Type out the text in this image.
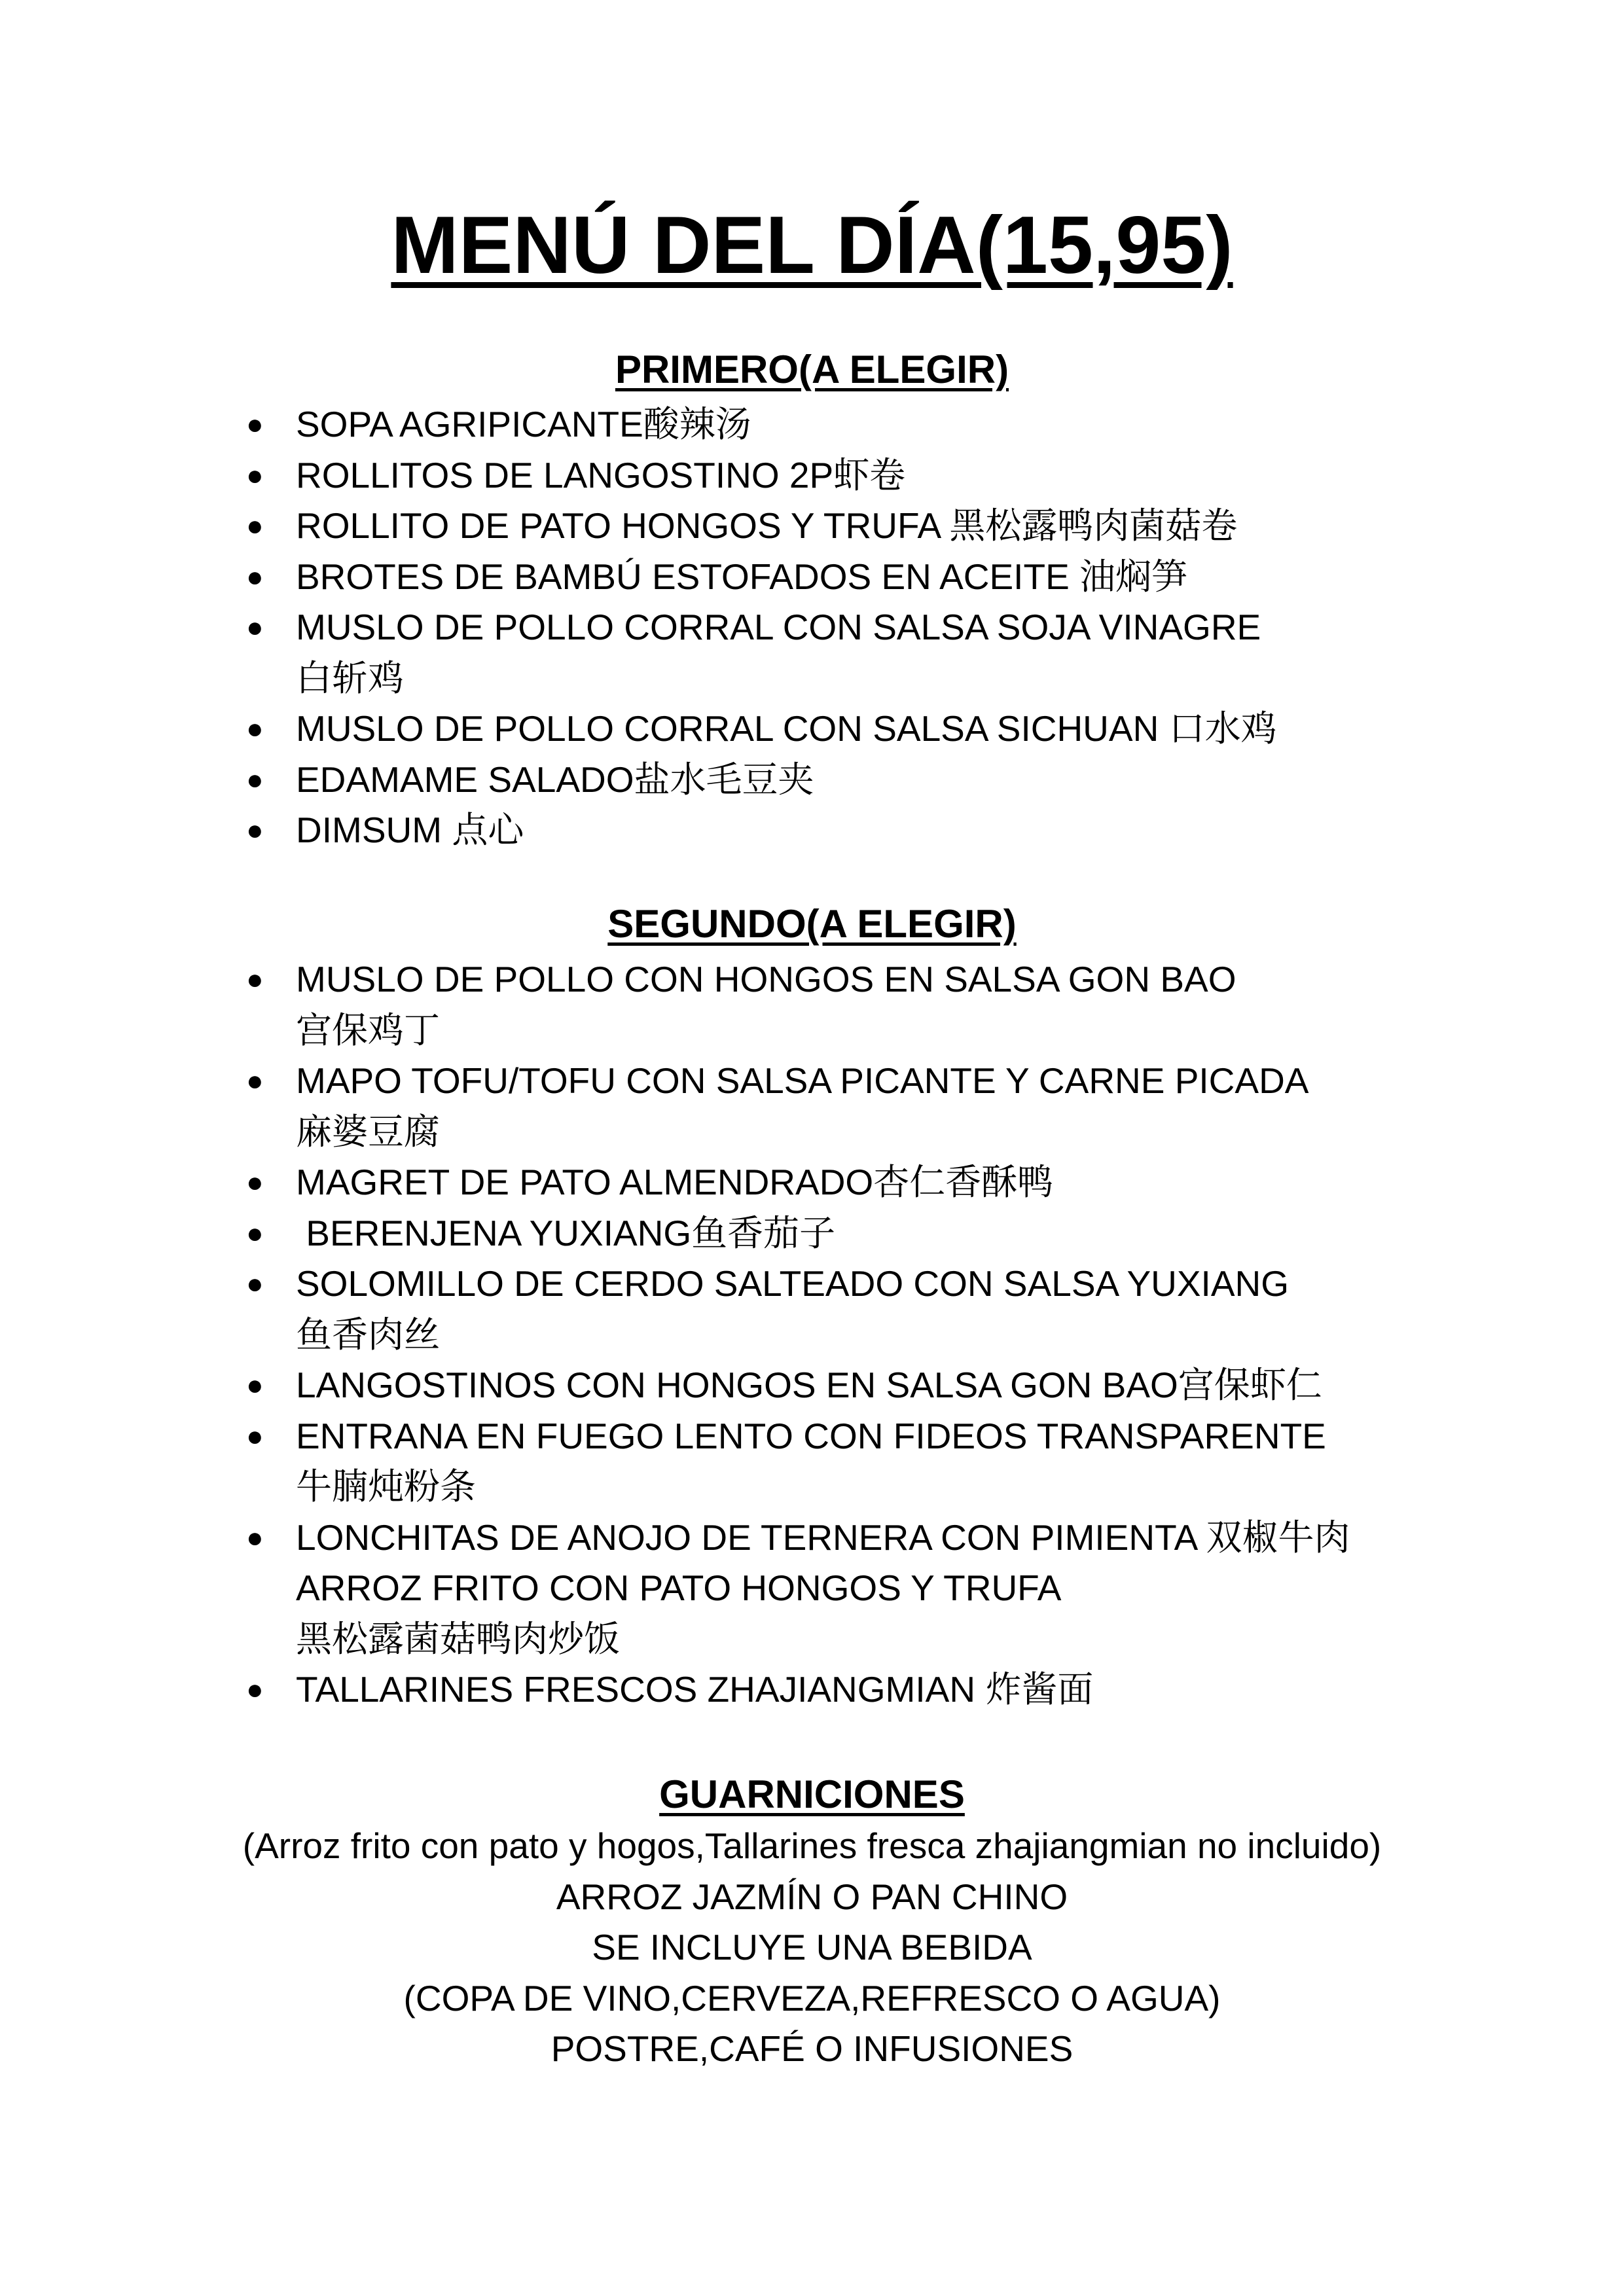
MENÚ DEL DÍA(15,95)
PRIMERO(A ELEGIR)
● SOPA AGRIPICANTE酸辣汤
● ROLLITOS DE LANGOSTINO 2P虾卷
● ROLLITO DE PATO HONGOS Y TRUFA 黑松露鸭肉菌菇卷
● BROTES DE BAMBÚ ESTOFADOS EN ACEITE 油焖笋
● MUSLO DE POLLO CORRAL CON SALSA SOJA VINAGRE
白斩鸡
● MUSLO DE POLLO CORRAL CON SALSA SICHUAN 口水鸡
● EDAMAME SALADO盐水毛豆夹
● DIMSUM 点心
SEGUNDO(A ELEGIR)
● MUSLO DE POLLO CON HONGOS EN SALSA GON BAO
宫保鸡丁
● MAPO TOFU/TOFU CON SALSA PICANTE Y CARNE PICADA
麻婆豆腐
● MAGRET DE PATO ALMENDRADO杏仁香酥鸭
● BERENJENA YUXIANG鱼香茄子
● SOLOMILLO DE CERDO SALTEADO CON SALSA YUXIANG
鱼香肉丝
● LANGOSTINOS CON HONGOS EN SALSA GON BAO宫保虾仁
● ENTRANA EN FUEGO LENTO CON FIDEOS TRANSPARENTE
牛腩炖粉条
● LONCHITAS DE ANOJO DE TERNERA CON PIMIENTA 双椒牛肉
ARROZ FRITO CON PATO HONGOS Y TRUFA
黑松露菌菇鸭肉炒饭
● TALLARINES FRESCOS ZHAJIANGMIAN 炸酱面
GUARNICIONES
(Arroz frito con pato y hogos,Tallarines fresca zhajiangmian no incluido)
ARROZ JAZMÍN O PAN CHINO
SE INCLUYE UNA BEBIDA
(COPA DE VINO,CERVEZA,REFRESCO O AGUA)
POSTRE,CAFÉ O INFUSIONES
